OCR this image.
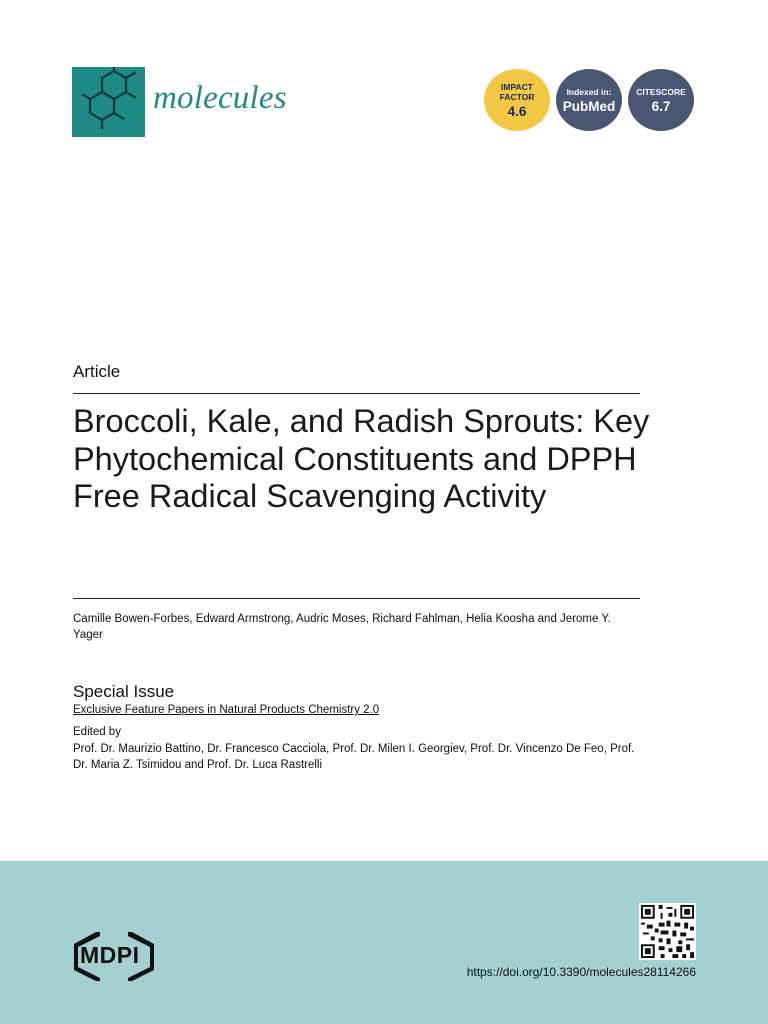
molecules	IMPACT FACTOR
4.6
Indexed in:
PubMed
CITESCORE
6.7
Article
Broccoli, Kale, and Radish Sprouts: Key Phytochemical Constituents and DPPH Free Radical Scavenging Activity
Camille Bowen-Forbes, Edward Armstrong, Audric Moses, Richard Fahlman, Helia Koosha and Jerome Y. Yager
Special Issue
Exclusive Feature Papers in Natural Products Chemistry 2.0
Edited by
Prof. Dr. Maurizio Battino, Dr. Francesco Cacciola, Prof. Dr. Milen I. Georgiev, Prof. Dr. Vincenzo De Feo, Prof. Dr. Maria Z. Tsimidou and Prof. Dr. Luca Rastrelli
MDPI
https://doi.org/10.3390/molecules28114266
